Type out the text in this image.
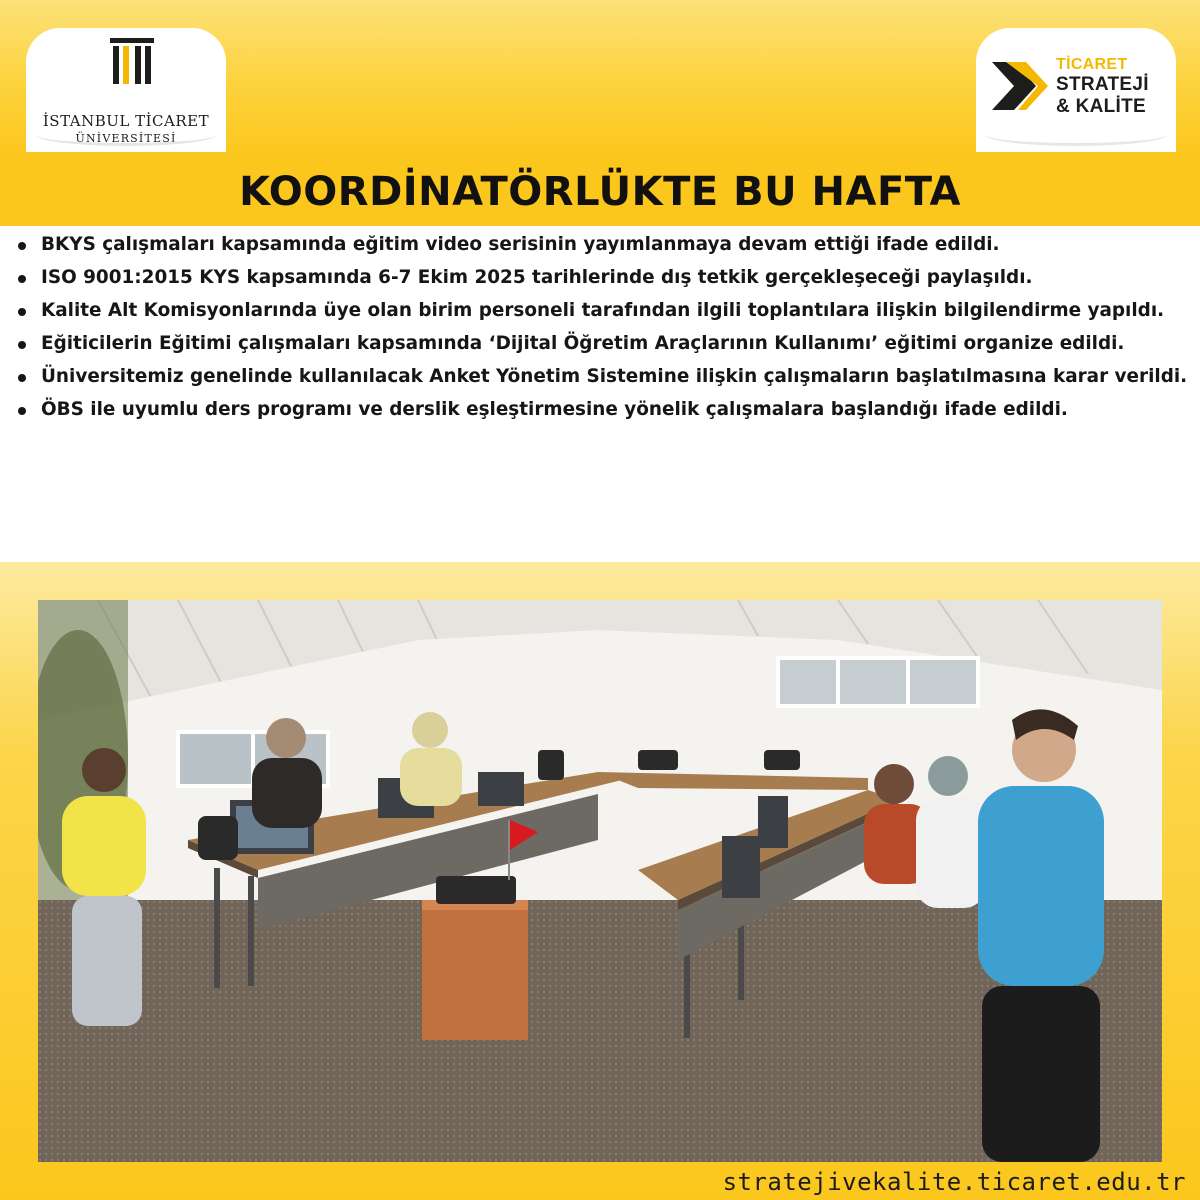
İSTANBUL TİCARET
ÜNİVERSİTESİ
TİCARET
STRATEJİ
& KALİTE
KOORDİNATÖRLÜKTE BU HAFTA
BKYS çalışmaları kapsamında eğitim video serisinin yayımlanmaya devam ettiği ifade edildi.
ISO 9001:2015 KYS kapsamında 6-7 Ekim 2025 tarihlerinde dış tetkik gerçekleşeceği paylaşıldı.
Kalite Alt Komisyonlarında üye olan birim personeli tarafından ilgili toplantılara ilişkin bilgilendirme yapıldı.
Eğiticilerin Eğitimi çalışmaları kapsamında ‘Dijital Öğretim Araçlarının Kullanımı’ eğitimi organize edildi.
Üniversitemiz genelinde kullanılacak Anket Yönetim Sistemine ilişkin çalışmaların başlatılmasına karar verildi.
ÖBS ile uyumlu ders programı ve derslik eşleştirmesine yönelik çalışmalara başlandığı ifade edildi.
stratejivekalite.ticaret.edu.tr
